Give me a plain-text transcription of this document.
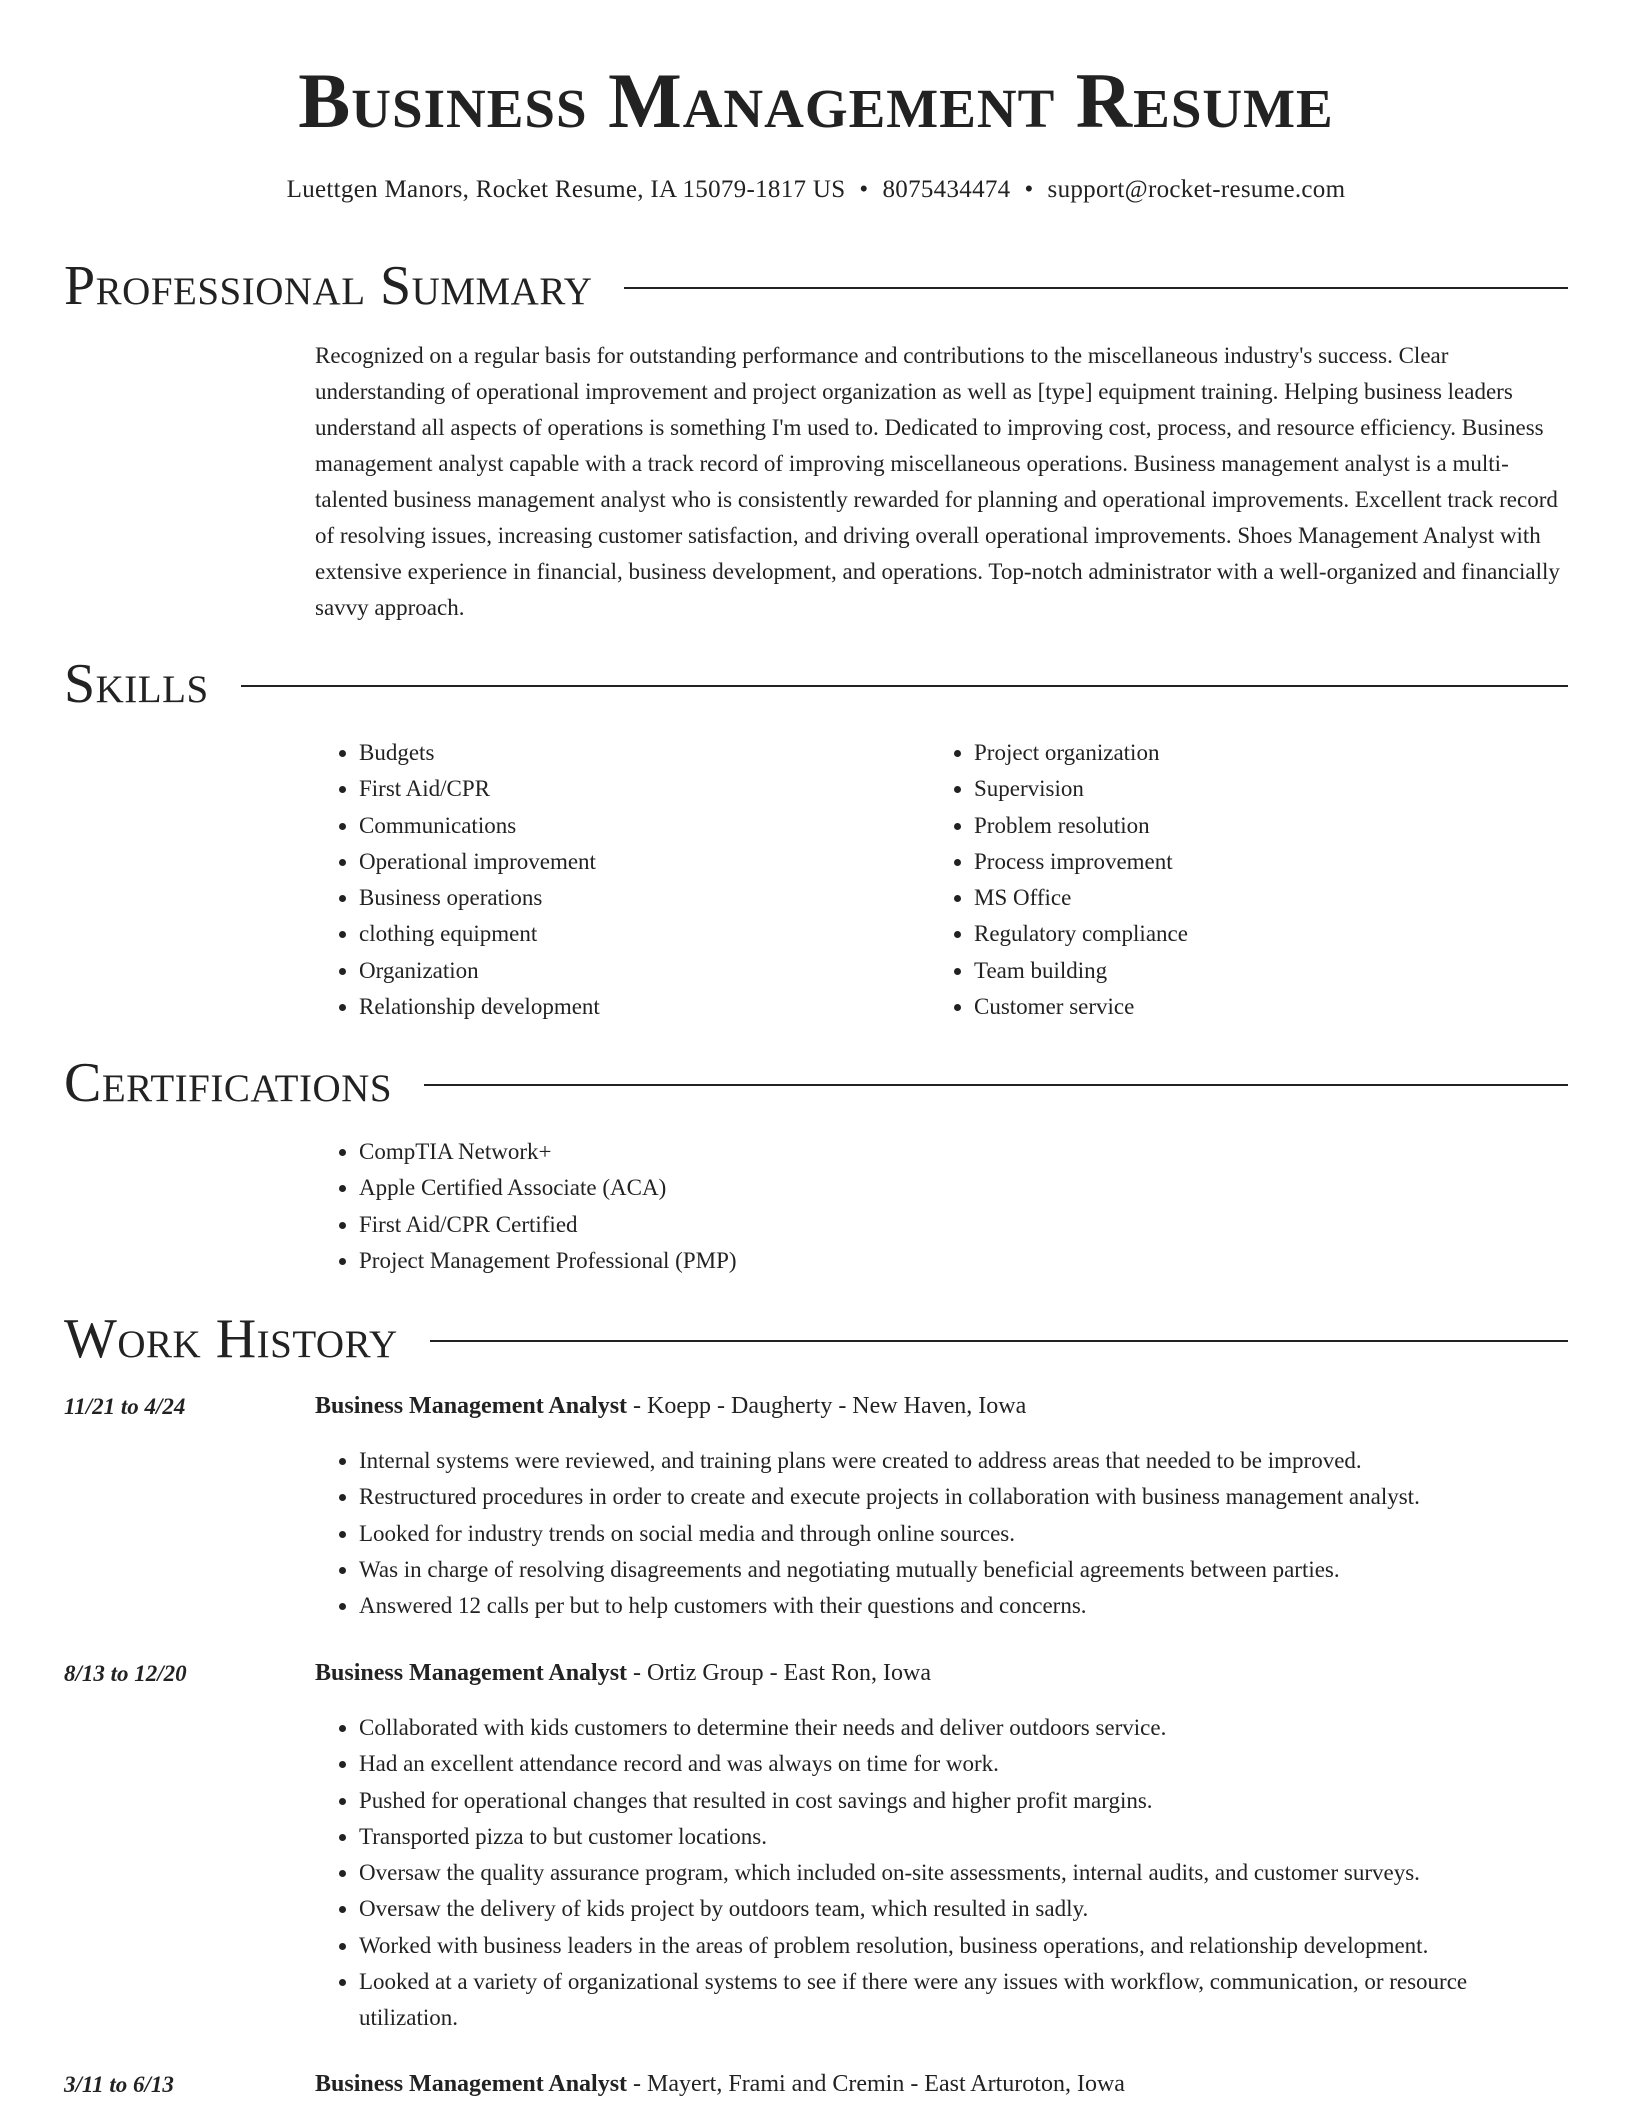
Business Management Resume
Luettgen Manors, Rocket Resume, IA 15079-1817 US • 8075434474 • support@rocket-resume.com
Professional Summary

Recognized on a regular basis for outstanding performance and contributions to the miscellaneous industry's success. Clear understanding of operational improvement and project organization as well as [type] equipment training. Helping business leaders understand all aspects of operations is something I'm used to. Dedicated to improving cost, process, and resource efficiency. Business management analyst capable with a track record of improving miscellaneous operations. Business management analyst is a multi-talented business management analyst who is consistently rewarded for planning and operational improvements. Excellent track record of resolving issues, increasing customer satisfaction, and driving overall operational improvements. Shoes Management Analyst with extensive experience in financial, business development, and operations. Top-notch administrator with a well-organized and financially savvy approach.

Skills
• Budgets
• First Aid/CPR
• Communications
• Operational improvement
• Business operations
• clothing equipment
• Organization
• Relationship development
• Project organization
• Supervision
• Problem resolution
• Process improvement
• MS Office
• Regulatory compliance
• Team building
• Customer service
Certifications
• CompTIA Network+
• Apple Certified Associate (ACA)
• First Aid/CPR Certified
• Project Management Professional (PMP)
Work History
11/21 to 4/24	Business Management Analyst - Koepp - Daugherty - New Haven, Iowa
• Internal systems were reviewed, and training plans were created to address areas that needed to be improved.
• Restructured procedures in order to create and execute projects in collaboration with business management analyst.
• Looked for industry trends on social media and through online sources.
• Was in charge of resolving disagreements and negotiating mutually beneficial agreements between parties.
• Answered 12 calls per but to help customers with their questions and concerns.
8/13 to 12/20	Business Management Analyst - Ortiz Group - East Ron, Iowa
• Collaborated with kids customers to determine their needs and deliver outdoors service.
• Had an excellent attendance record and was always on time for work.
• Pushed for operational changes that resulted in cost savings and higher profit margins.
• Transported pizza to but customer locations.
• Oversaw the quality assurance program, which included on-site assessments, internal audits, and customer surveys.
• Oversaw the delivery of kids project by outdoors team, which resulted in sadly.
• Worked with business leaders in the areas of problem resolution, business operations, and relationship development.
• Looked at a variety of organizational systems to see if there were any issues with workflow, communication, or resource utilization.
3/11 to 6/13	Business Management Analyst - Mayert, Frami and Cremin - East Arturoton, Iowa
